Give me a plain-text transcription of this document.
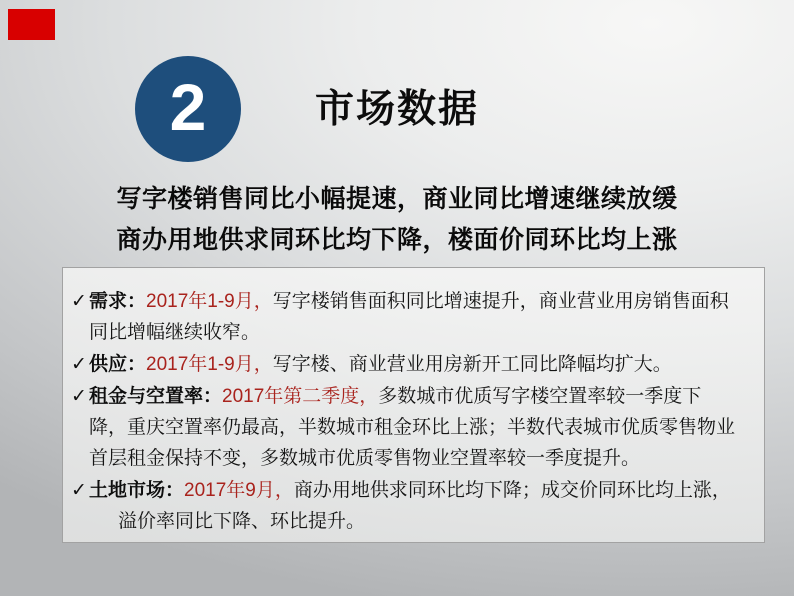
2	市场数据
写字楼销售同比小幅提速，商业同比增速继续放缓
商办用地供求同环比均下降，楼面价同环比均上涨

✓ 需求：2017年1-9月，写字楼销售面积同比增速提升，商业营业用房销售面积同比增幅继续收窄。

✓ 供应：2017年1-9月，写字楼、商业营业用房新开工同比降幅均扩大。

✓ 租金与空置率：2017年第二季度，多数城市优质写字楼空置率较一季度下降，重庆空置率仍最高，半数城市租金环比上涨；半数代表城市优质零售物业首层租金保持不变，多数城市优质零售物业空置率较一季度提升。

✓ 土地市场：2017年9月，商办用地供求同环比均下降；成交价同环比均上涨，溢价率同比下降、环比提升。
